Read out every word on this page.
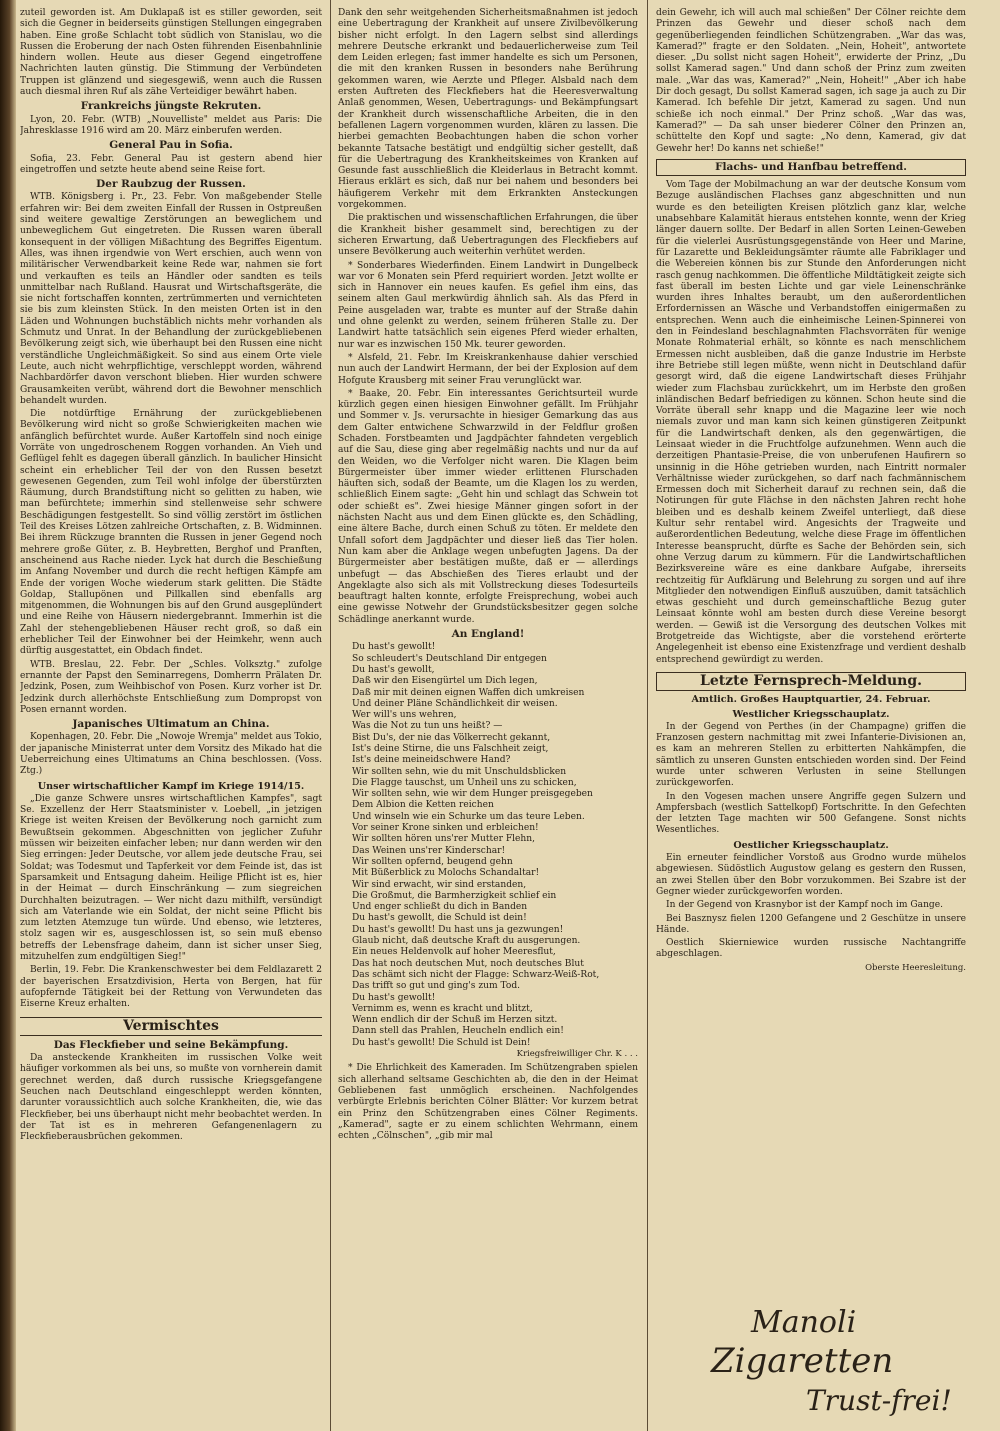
zuteil geworden ist. Am Duklapaß ist es stiller geworden, seit sich die Gegner in beiderseits günstigen Stellungen eingegraben haben. Eine große Schlacht tobt südlich von Stanislau, wo die Russen die Eroberung der nach Osten führenden Eisenbahnlinie hindern wollen. Heute aus dieser Gegend eingetroffene Nachrichten lauten günstig. Die Stimmung der Verbündeten Truppen ist glänzend und siegesgewiß, wenn auch die Russen auch diesmal ihren Ruf als zähe Verteidiger bewährt haben.

Frankreichs jüngste Rekruten.

Lyon, 20. Febr. (WTB) „Nouvelliste" meldet aus Paris: Die Jahresklasse 1916 wird am 20. März einberufen werden.

General Pau in Sofia.

Sofia, 23. Febr. General Pau ist gestern abend hier eingetroffen und setzte heute abend seine Reise fort.

Der Raubzug der Russen.

WTB. Königsberg i. Pr., 23. Febr. Von maßgebender Stelle erfahren wir: Bei dem zweiten Einfall der Russen in Ostpreußen sind weitere gewaltige Zerstörungen an beweglichem und unbeweglichem Gut eingetreten. Die Russen waren überall konsequent in der völligen Mißachtung des Begriffes Eigentum. Alles, was ihnen irgendwie von Wert erschien, auch wenn von militärischer Verwendbarkeit keine Rede war, nahmen sie fort und verkauften es teils an Händler oder sandten es teils unmittelbar nach Rußland. Hausrat und Wirtschaftsgeräte, die sie nicht fortschaffen konnten, zertrümmerten und vernichteten sie bis zum kleinsten Stück. In den meisten Orten ist in den Läden und Wohnungen buchstäblich nichts mehr vorhanden als Schmutz und Unrat. In der Behandlung der zurückgebliebenen Bevölkerung zeigt sich, wie überhaupt bei den Russen eine nicht verständliche Ungleichmäßigkeit. So sind aus einem Orte viele Leute, auch nicht wehrpflichtige, verschleppt worden, während Nachbardörfer davon verschont blieben. Hier wurden schwere Grausamkeiten verübt, während dort die Bewohner menschlich behandelt wurden.

Die notdürftige Ernährung der zurückgebliebenen Bevölkerung wird nicht so große Schwierigkeiten machen wie anfänglich befürchtet wurde. Außer Kartoffeln sind noch einige Vorräte von ungedroschenem Roggen vorhanden. An Vieh und Geflügel fehlt es dagegen überall gänzlich. In baulicher Hinsicht scheint ein erheblicher Teil der von den Russen besetzt gewesenen Gegenden, zum Teil wohl infolge der überstürzten Räumung, durch Brandstiftung nicht so gelitten zu haben, wie man befürchtete; immerhin sind stellenweise sehr schwere Beschädigungen festgestellt. So sind völlig zerstört im östlichen Teil des Kreises Lötzen zahlreiche Ortschaften, z. B. Widminnen. Bei ihrem Rückzuge brannten die Russen in jener Gegend noch mehrere große Güter, z. B. Heybretten, Berghof und Pranften, anscheinend aus Rache nieder. Lyck hat durch die Beschießung im Anfang November und durch die recht heftigen Kämpfe am Ende der vorigen Woche wiederum stark gelitten. Die Städte Goldap, Stallupönen und Pillkallen sind ebenfalls arg mitgenommen, die Wohnungen bis auf den Grund ausgeplündert und eine Reihe von Häusern niedergebrannt. Immerhin ist die Zahl der stehengebliebenen Häuser recht groß, so daß ein erheblicher Teil der Einwohner bei der Heimkehr, wenn auch dürftig ausgestattet, ein Obdach findet.

WTB. Breslau, 22. Febr. Der „Schles. Volksztg." zufolge ernannte der Papst den Seminarregens, Domherrn Prälaten Dr. Jedzink, Posen, zum Weihbischof von Posen. Kurz vorher ist Dr. Jedzink durch allerhöchste Entschließung zum Dompropst von Posen ernannt worden.

Japanisches Ultimatum an China.

Kopenhagen, 20. Febr. Die „Nowoje Wremja" meldet aus Tokio, der japanische Ministerrat unter dem Vorsitz des Mikado hat die Ueberreichung eines Ultimatums an China beschlossen. (Voss. Ztg.)

Unser wirtschaftlicher Kampf im Kriege 1914/15.

„Die ganze Schwere unsres wirtschaftlichen Kampfes", sagt Se. Exzellenz der Herr Staatsminister v. Loebell, „in jetzigen Kriege ist weiten Kreisen der Bevölkerung noch garnicht zum Bewußtsein gekommen. Abgeschnitten von jeglicher Zufuhr müssen wir beizeiten einfacher leben; nur dann werden wir den Sieg erringen: Jeder Deutsche, vor allem jede deutsche Frau, sei Soldat; was Todesmut und Tapferkeit vor dem Feinde ist, das ist Sparsamkeit und Entsagung daheim. Heilige Pflicht ist es, hier in der Heimat — durch Einschränkung — zum siegreichen Durchhalten beizutragen. — Wer nicht dazu mithilft, versündigt sich am Vaterlande wie ein Soldat, der nicht seine Pflicht bis zum letzten Atemzuge tun würde. Und ebenso, wie letzteres, stolz sagen wir es, ausgeschlossen ist, so sein muß ebenso betreffs der Lebensfrage daheim, dann ist sicher unser Sieg, mitzuhelfen zum endgültigen Sieg!"

Berlin, 19. Febr. Die Krankenschwester bei dem Feldlazarett 2 der bayerischen Ersatzdivision, Herta von Bergen, hat für aufopfernde Tätigkeit bei der Rettung von Verwundeten das Eiserne Kreuz erhalten.

Vermischtes
Das Fleckfieber und seine Bekämpfung.

Da ansteckende Krankheiten im russischen Volke weit häufiger vorkommen als bei uns, so mußte von vornherein damit gerechnet werden, daß durch russische Kriegsgefangene Seuchen nach Deutschland eingeschleppt werden könnten, darunter voraussichtlich auch solche Krankheiten, die, wie das Fleckfieber, bei uns überhaupt nicht mehr beobachtet werden. In der Tat ist es in mehreren Gefangenenlagern zu Fleckfieberausbrüchen gekommen.

Dank den sehr weitgehenden Sicherheitsmaßnahmen ist jedoch eine Uebertragung der Krankheit auf unsere Zivilbevölkerung bisher nicht erfolgt. In den Lagern selbst sind allerdings mehrere Deutsche erkrankt und bedauerlicherweise zum Teil dem Leiden erlegen; fast immer handelte es sich um Personen, die mit den kranken Russen in besonders nahe Berührung gekommen waren, wie Aerzte und Pfleger. Alsbald nach dem ersten Auftreten des Fleckfiebers hat die Heeresverwaltung Anlaß genommen, Wesen, Uebertragungs- und Bekämpfungsart der Krankheit durch wissenschaftliche Arbeiten, die in den befallenen Lagern vorgenommen wurden, klären zu lassen. Die hierbei gemachten Beobachtungen haben die schon vorher bekannte Tatsache bestätigt und endgültig sicher gestellt, daß für die Uebertragung des Krankheitskeimes von Kranken auf Gesunde fast ausschließlich die Kleiderlaus in Betracht kommt. Hieraus erklärt es sich, daß nur bei nahem und besonders bei häufigerem Verkehr mit dem Erkrankten Ansteckungen vorgekommen.

Die praktischen und wissenschaftlichen Erfahrungen, die über die Krankheit bisher gesammelt sind, berechtigen zu der sicheren Erwartung, daß Uebertragungen des Fleckfiebers auf unsere Bevölkerung auch weiterhin verhütet werden.

* Sonderbares Wiederfinden. Einem Landwirt in Dungelbeck war vor 6 Monaten sein Pferd requiriert worden. Jetzt wollte er sich in Hannover ein neues kaufen. Es gefiel ihm eins, das seinem alten Gaul merkwürdig ähnlich sah. Als das Pferd in Peine ausgeladen war, trabte es munter auf der Straße dahin und ohne gelenkt zu werden, seinem früheren Stalle zu. Der Landwirt hatte tatsächlich sein eigenes Pferd wieder erhalten, nur war es inzwischen 150 Mk. teurer geworden.

* Alsfeld, 21. Febr. Im Kreiskrankenhause dahier verschied nun auch der Landwirt Hermann, der bei der Explosion auf dem Hofgute Krausberg mit seiner Frau verunglückt war.

* Baake, 20. Febr. Ein interessantes Gerichtsurteil wurde kürzlich gegen einen hiesigen Einwohner gefällt. Im Frühjahr und Sommer v. Js. verursachte in hiesiger Gemarkung das aus dem Galter entwichene Schwarzwild in der Feldflur großen Schaden. Forstbeamten und Jagdpächter fahndeten vergeblich auf die Sau, diese ging aber regelmäßig nachts und nur da auf den Weiden, wo die Verfolger nicht waren. Die Klagen beim Bürgermeister über immer wieder erlittenen Flurschaden häuften sich, sodaß der Beamte, um die Klagen los zu werden, schließlich Einem sagte: „Geht hin und schlagt das Schwein tot oder schießt es". Zwei hiesige Männer gingen sofort in der nächsten Nacht aus und dem Einen glückte es, den Schädling, eine ältere Bache, durch einen Schuß zu töten. Er meldete den Unfall sofort dem Jagdpächter und dieser ließ das Tier holen. Nun kam aber die Anklage wegen unbefugten Jagens. Da der Bürgermeister aber bestätigen mußte, daß er — allerdings unbefugt — das Abschießen des Tieres erlaubt und der Angeklagte also sich als mit Vollstreckung dieses Todesurteils beauftragt halten konnte, erfolgte Freisprechung, wobei auch eine gewisse Notwehr der Grundstücksbesitzer gegen solche Schädlinge anerkannt wurde.

An England!

Du hast's gewollt!

So schleudert's Deutschland Dir entgegen

Du hast's gewollt,

Daß wir den Eisengürtel um Dich legen,

Daß mir mit deinen eignen Waffen dich umkreisen

Und deiner Pläne Schändlichkeit dir weisen.

Wer will's uns wehren,

Was die Not zu tun uns heißt? —

Bist Du's, der nie das Völkerrecht gekannt,

Ist's deine Stirne, die uns Falschheit zeigt,

Ist's deine meineidschwere Hand?

Wir sollten sehn, wie du mit Unschuldsblicken

Die Flagge tauschst, um Unheil uns zu schicken,

Wir sollten sehn, wie wir dem Hunger preisgegeben

Dem Albion die Ketten reichen

Und winseln wie ein Schurke um das teure Leben.

Vor seiner Krone sinken und erbleichen!

Wir sollten hören uns'rer Mutter Flehn,

Das Weinen uns'rer Kinderschar!

Wir sollten opfernd, beugend gehn

Mit Büßerblick zu Molochs Schandaltar!

Wir sind erwacht, wir sind erstanden,

Die Großmut, die Barmherzigkeit schlief ein

Und enger schließt du dich in Banden

Du hast's gewollt, die Schuld ist dein!

Du hast's gewollt! Du hast uns ja gezwungen!

Glaub nicht, daß deutsche Kraft du ausgerungen.

Ein neues Heldenvolk auf hoher Meeresflut,

Das hat noch deutschen Mut, noch deutsches Blut

Das schämt sich nicht der Flagge: Schwarz-Weiß-Rot,

Das trifft so gut und ging's zum Tod.

Du hast's gewollt!

Vernimm es, wenn es kracht und blitzt,

Wenn endlich dir der Schuß im Herzen sitzt.

Dann stell das Prahlen, Heucheln endlich ein!

Du hast's gewollt! Die Schuld ist Dein!

Kriegsfreiwilliger Chr. K . . .

* Die Ehrlichkeit des Kameraden. Im Schützengraben spielen sich allerhand seltsame Geschichten ab, die den in der Heimat Gebliebenen fast unmöglich erscheinen. Nachfolgendes verbürgte Erlebnis berichten Cölner Blätter: Vor kurzem betrat ein Prinz den Schützengraben eines Cölner Regiments. „Kamerad", sagte er zu einem schlichten Wehrmann, einem echten „Cölnschen", „gib mir mal

dein Gewehr, ich will auch mal schießen" Der Cölner reichte dem Prinzen das Gewehr und dieser schoß nach dem gegenüberliegenden feindlichen Schützengraben. „War das was, Kamerad?" fragte er den Soldaten. „Nein, Hoheit", antwortete dieser. „Du sollst nicht sagen Hoheit", erwiderte der Prinz, „Du sollst Kamerad sagen." Und dann schoß der Prinz zum zweiten male. „War das was, Kamerad?" „Nein, Hoheit!" „Aber ich habe Dir doch gesagt, Du sollst Kamerad sagen, ich sage ja auch zu Dir Kamerad. Ich befehle Dir jetzt, Kamerad zu sagen. Und nun schieße ich noch einmal." Der Prinz schoß. „War das was, Kamerad?" — Da sah unser biederer Cölner den Prinzen an, schüttelte den Kopf und sagte: „No denn, Kamerad, giv dat Gewehr her! Do kanns net schieße!"

Flachs- und Hanfbau betreffend.

Vom Tage der Mobilmachung an war der deutsche Konsum vom Bezuge ausländischen Flachses ganz abgeschnitten und nun wurde es den beteiligten Kreisen plötzlich ganz klar, welche unabsehbare Kalamität hieraus entstehen konnte, wenn der Krieg länger dauern sollte. Der Bedarf in allen Sorten Leinen-Geweben für die vielerlei Ausrüstungsgegenstände von Heer und Marine, für Lazarette und Bekleidungsämter räumte alle Fabriklager und die Webereien können bis zur Stunde den Anforderungen nicht rasch genug nachkommen. Die öffentliche Mildtätigkeit zeigte sich fast überall im besten Lichte und gar viele Leinenschränke wurden ihres Inhaltes beraubt, um den außerordentlichen Erfordernissen an Wäsche und Verbandstoffen einigermaßen zu entsprechen. Wenn auch die einheimische Leinen-Spinnerei von den in Feindesland beschlagnahmten Flachsvorräten für wenige Monate Rohmaterial erhält, so könnte es nach menschlichem Ermessen nicht ausbleiben, daß die ganze Industrie im Herbste ihre Betriebe still legen müßte, wenn nicht in Deutschland dafür gesorgt wird, daß die eigene Landwirtschaft dieses Frühjahr wieder zum Flachsbau zurückkehrt, um im Herbste den großen inländischen Bedarf befriedigen zu können. Schon heute sind die Vorräte überall sehr knapp und die Magazine leer wie noch niemals zuvor und man kann sich keinen günstigeren Zeitpunkt für die Landwirtschaft denken, als den gegenwärtigen, die Leinsaat wieder in die Fruchtfolge aufzunehmen. Wenn auch die derzeitigen Phantasie-Preise, die von unberufenen Haufirern so unsinnig in die Höhe getrieben wurden, nach Eintritt normaler Verhältnisse wieder zurückgehen, so darf nach fachmännischem Ermessen doch mit Sicherheit darauf zu rechnen sein, daß die Notirungen für gute Flächse in den nächsten Jahren recht hohe bleiben und es deshalb keinem Zweifel unterliegt, daß diese Kultur sehr rentabel wird. Angesichts der Tragweite und außerordentlichen Bedeutung, welche diese Frage im öffentlichen Interesse beansprucht, dürfte es Sache der Behörden sein, sich ohne Verzug darum zu kümmern. Für die Landwirtschaftlichen Bezirksvereine wäre es eine dankbare Aufgabe, ihrerseits rechtzeitig für Aufklärung und Belehrung zu sorgen und auf ihre Mitglieder den notwendigen Einfluß auszuüben, damit tatsächlich etwas geschieht und durch gemeinschaftliche Bezug guter Leinsaat könnte wohl am besten durch diese Vereine besorgt werden. — Gewiß ist die Versorgung des deutschen Volkes mit Brotgetreide das Wichtigste, aber die vorstehend erörterte Angelegenheit ist ebenso eine Existenzfrage und verdient deshalb entsprechend gewürdigt zu werden.

Letzte Fernsprech-Meldung.
Amtlich. Großes Hauptquartier, 24. Februar.
Westlicher Kriegsschauplatz.

In der Gegend von Perthes (in der Champagne) griffen die Franzosen gestern nachmittag mit zwei Infanterie-Divisionen an, es kam an mehreren Stellen zu erbitterten Nahkämpfen, die sämtlich zu unseren Gunsten entschieden worden sind. Der Feind wurde unter schweren Verlusten in seine Stellungen zurückgeworfen.

In den Vogesen machen unsere Angriffe gegen Sulzern und Ampfersbach (westlich Sattelkopf) Fortschritte. In den Gefechten der letzten Tage machten wir 500 Gefangene. Sonst nichts Wesentliches.

Oestlicher Kriegsschauplatz.

Ein erneuter feindlicher Vorstoß aus Grodno wurde mühelos abgewiesen. Südöstlich Augustow gelang es gestern den Russen, an zwei Stellen über den Bobr vorzukommen. Bei Szabre ist der Gegner wieder zurückgeworfen worden.

In der Gegend von Krasnybor ist der Kampf noch im Gange.

Bei Basznysz fielen 1200 Gefangene und 2 Geschütze in unsere Hände.

Oestlich Skierniewice wurden russische Nachtangriffe abgeschlagen.

Oberste Heeresleitung.
Manoli
Zigaretten
Trust-frei!
